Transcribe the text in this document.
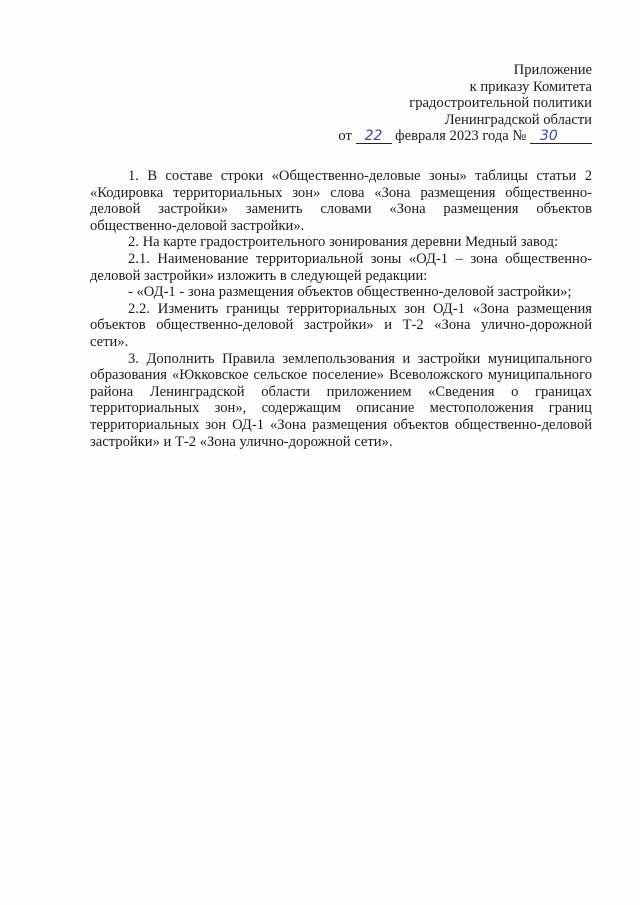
Приложение
к приказу Комитета
градостроительной политики
Ленинградской области
от 22 февраля 2023 года № 30

1. В составе строки «Общественно-деловые зоны» таблицы статьи 2 «Кодировка территориальных зон» слова «Зона размещения общественно-деловой застройки» заменить словами «Зона размещения объектов общественно-деловой застройки».

2. На карте градостроительного зонирования деревни Медный завод:

2.1. Наименование территориальной зоны «ОД-1 – зона общественно-деловой застройки» изложить в следующей редакции:

- «ОД-1 - зона размещения объектов общественно-деловой застройки»;

2.2. Изменить границы территориальных зон ОД-1 «Зона размещения объектов общественно-деловой застройки» и Т-2 «Зона улично-дорожной сети».

3. Дополнить Правила землепользования и застройки муниципального образования «Юкковское сельское поселение» Всеволожского муниципального района Ленинградской области приложением «Сведения о границах территориальных зон», содержащим описание местоположения границ территориальных зон ОД-1 «Зона размещения объектов общественно-деловой застройки» и Т-2 «Зона улично-дорожной сети».
